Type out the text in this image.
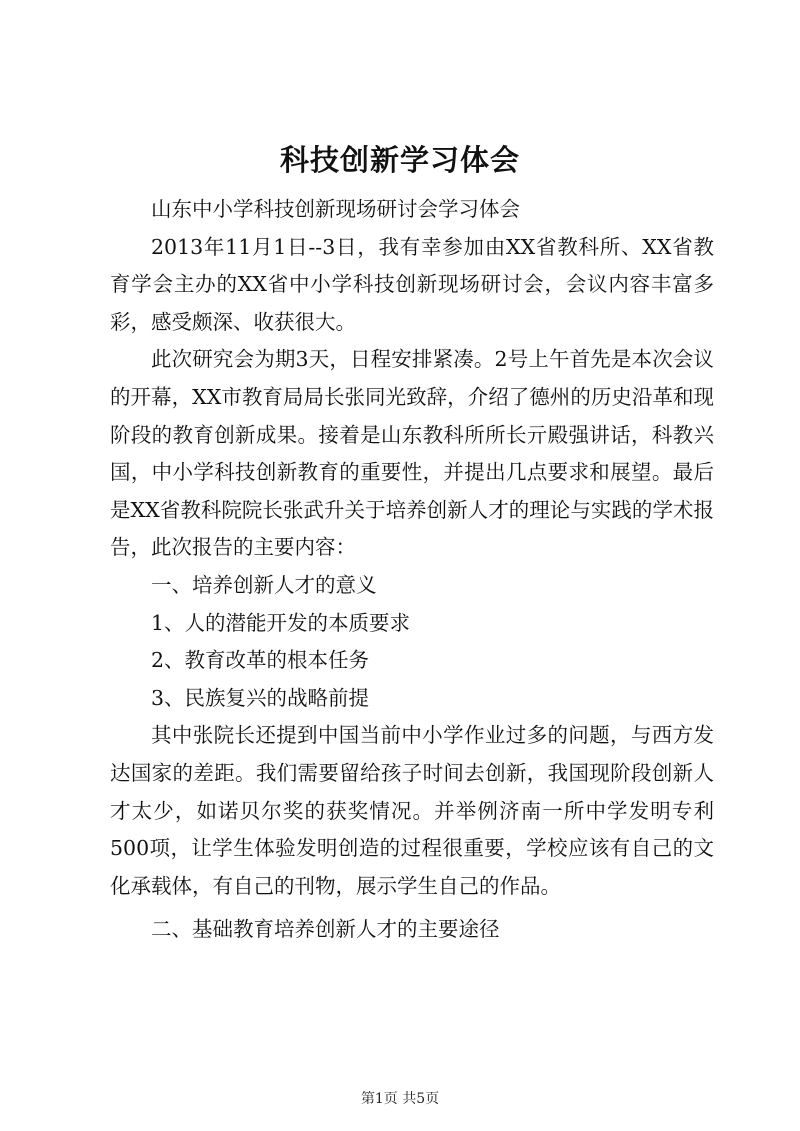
科技创新学习体会

山东中小学科技创新现场研讨会学习体会

2013年11月1日--3日，我有幸参加由XX省教科所、XX省教育学会主办的XX省中小学科技创新现场研讨会，会议内容丰富多彩，感受颇深、收获很大。

此次研究会为期3天，日程安排紧凑。2号上午首先是本次会议的开幕，XX市教育局局长张同光致辞，介绍了德州的历史沿革和现阶段的教育创新成果。接着是山东教科所所长亓殿强讲话，科教兴国，中小学科技创新教育的重要性，并提出几点要求和展望。最后是XX省教科院院长张武升关于培养创新人才的理论与实践的学术报告，此次报告的主要内容：

一、培养创新人才的意义

1、人的潜能开发的本质要求

2、教育改革的根本任务

3、民族复兴的战略前提

其中张院长还提到中国当前中小学作业过多的问题，与西方发达国家的差距。我们需要留给孩子时间去创新，我国现阶段创新人才太少，如诺贝尔奖的获奖情况。并举例济南一所中学发明专利500项，让学生体验发明创造的过程很重要，学校应该有自己的文化承载体，有自己的刊物，展示学生自己的作品。

二、基础教育培养创新人才的主要途径

第1页 共5页
